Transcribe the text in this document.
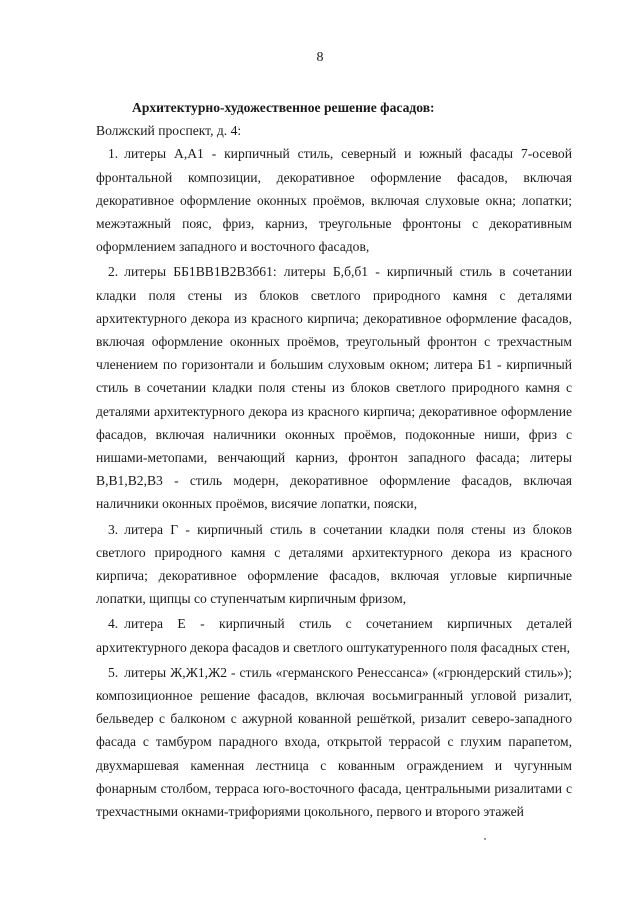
8

Архитектурно-художественное решение фасадов:

Волжский проспект, д. 4:

1. литеры А,А1 - кирпичный стиль, северный и южный фасады 7-осевой фронтальной композиции, декоративное оформление фасадов, включая декоративное оформление оконных проёмов, включая слуховые окна; лопатки; межэтажный пояс, фриз, карниз, треугольные фронтоны с декоративным оформлением западного и восточного фасадов,

2. литеры ББ1ВВ1В2В3б61: литеры Б,б,б1 - кирпичный стиль в сочетании кладки поля стены из блоков светлого природного камня с деталями архитектурного декора из красного кирпича; декоративное оформление фасадов, включая оформление оконных проёмов, треугольный фронтон с трехчастным членением по горизонтали и большим слуховым окном; литера Б1 - кирпичный стиль в сочетании кладки поля стены из блоков светлого природного камня с деталями архитектурного декора из красного кирпича; декоративное оформление фасадов, включая наличники оконных проёмов, подоконные ниши, фриз с нишами-метопами, венчающий карниз, фронтон западного фасада; литеры В,В1,В2,В3 - стиль модерн, декоративное оформление фасадов, включая наличники оконных проёмов, висячие лопатки, пояски,

3. литера Г - кирпичный стиль в сочетании кладки поля стены из блоков светлого природного камня с деталями архитектурного декора из красного кирпича; декоративное оформление фасадов, включая угловые кирпичные лопатки, щипцы со ступенчатым кирпичным фризом,

4. литера Е - кирпичный стиль с сочетанием кирпичных деталей архитектурного декора фасадов и светлого оштукатуренного поля фасадных стен,

5. литеры Ж,Ж1,Ж2 - стиль «германского Ренессанса» («грюндерский стиль»); композиционное решение фасадов, включая восьмигранный угловой ризалит, бельведер с балконом с ажурной кованной решёткой, ризалит северо-западного фасада с тамбуром парадного входа, открытой террасой с глухим парапетом, двухмаршевая каменная лестница с кованным ограждением и чугунным фонарным столбом, терраса юго-восточного фасада, центральными ризалитами с трехчастными окнами-трифориями цокольного, первого и второго этажей
